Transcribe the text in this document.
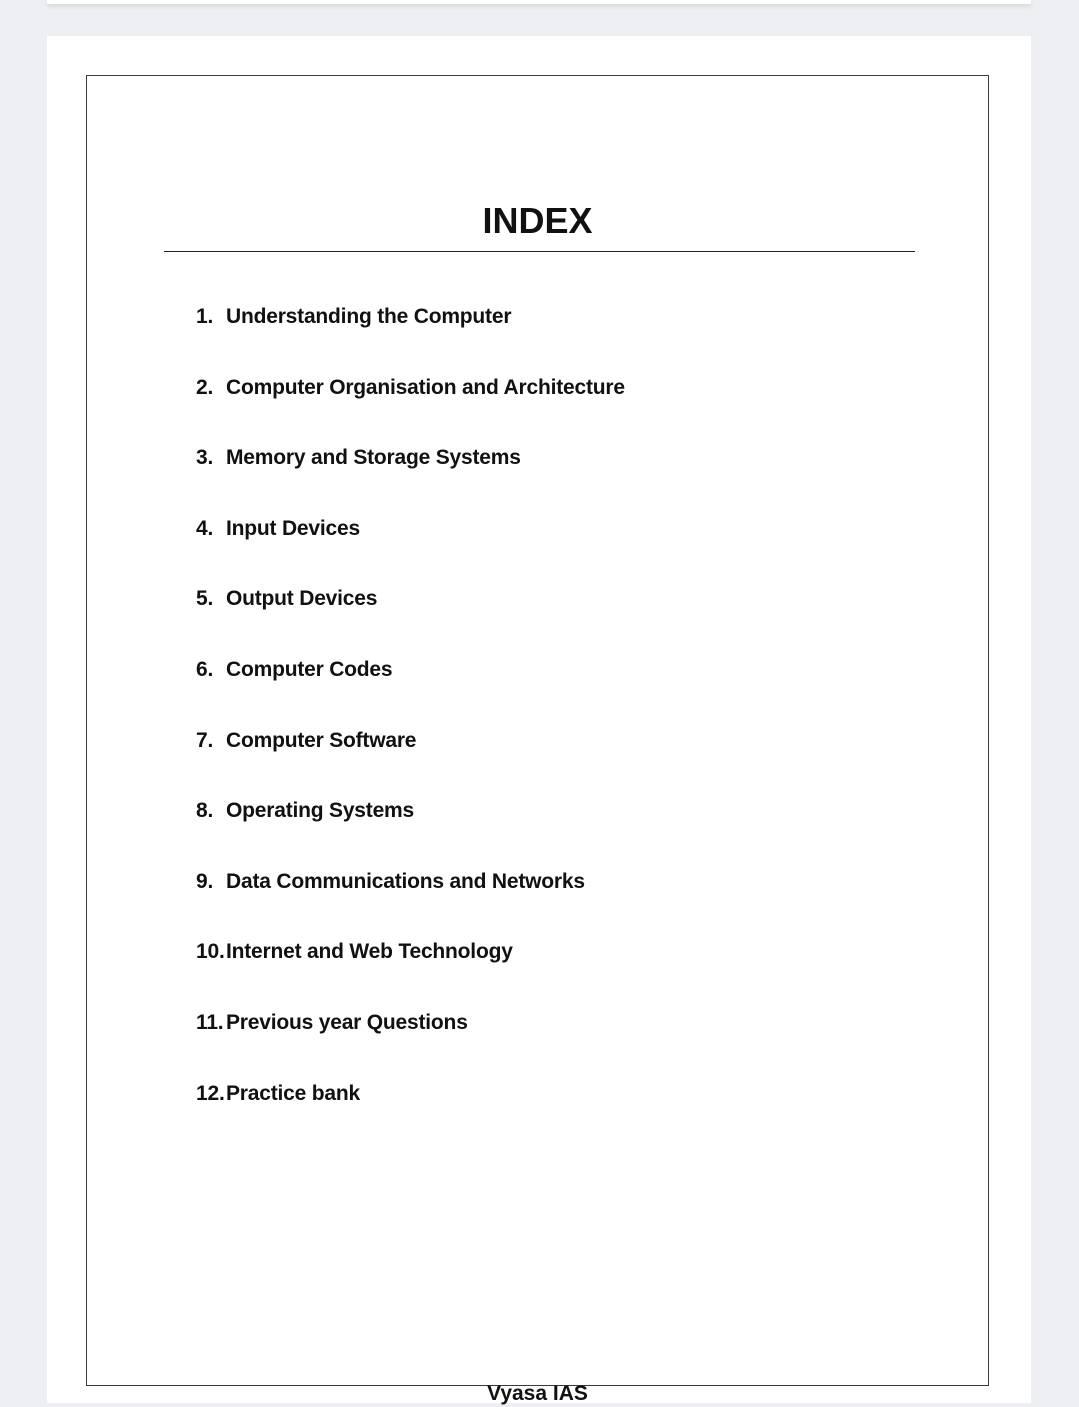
INDEX
1. Understanding the Computer
2. Computer Organisation and Architecture
3. Memory and Storage Systems
4. Input Devices
5. Output Devices
6. Computer Codes
7. Computer Software
8. Operating Systems
9. Data Communications and Networks
10. Internet and Web Technology
11. Previous year Questions
12. Practice bank
Vyasa IAS
